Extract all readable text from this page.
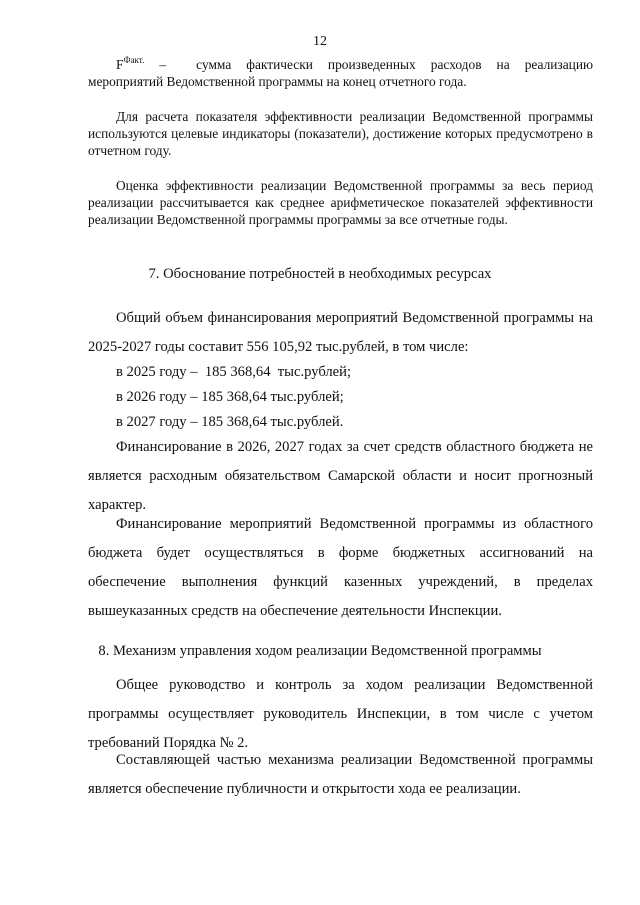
12
$F^{Факт.}$ – сумма фактически произведенных расходов на реализацию
мероприятий Ведомственной программы на конец отчетного года.
Для расчета показателя эффективности реализации Ведомственной программы используются целевые индикаторы (показатели), достижение которых предусмотрено в отчетном году.
Оценка эффективности реализации Ведомственной программы за весь период реализации рассчитывается как среднее арифметическое показателей эффективности реализации Ведомственной программы программы за все отчетные годы.
7. Обоснование потребностей в необходимых ресурсах
Общий объем финансирования мероприятий Ведомственной программы на
2025-2027 годы составит 556 105,92 тыс.рублей, в том числе:
в 2025 году –  185 368,64  тыс.рублей;
в 2026 году – 185 368,64 тыс.рублей;
в 2027 году – 185 368,64 тыс.рублей.
Финансирование в 2026, 2027 годах за счет средств областного бюджета не является расходным обязательством Самарской области и носит прогнозный характер.
Финансирование мероприятий Ведомственной программы из областного бюджета будет осуществляться в форме бюджетных ассигнований на обеспечение выполнения функций казенных учреждений, в пределах вышеуказанных средств на обеспечение деятельности Инспекции.
8. Механизм управления ходом реализации Ведомственной программы
Общее руководство и контроль за ходом реализации Ведомственной программы осуществляет руководитель Инспекции, в том числе с учетом требований Порядка № 2.
Составляющей частью механизма реализации Ведомственной программы является обеспечение публичности и открытости хода ее реализации.
